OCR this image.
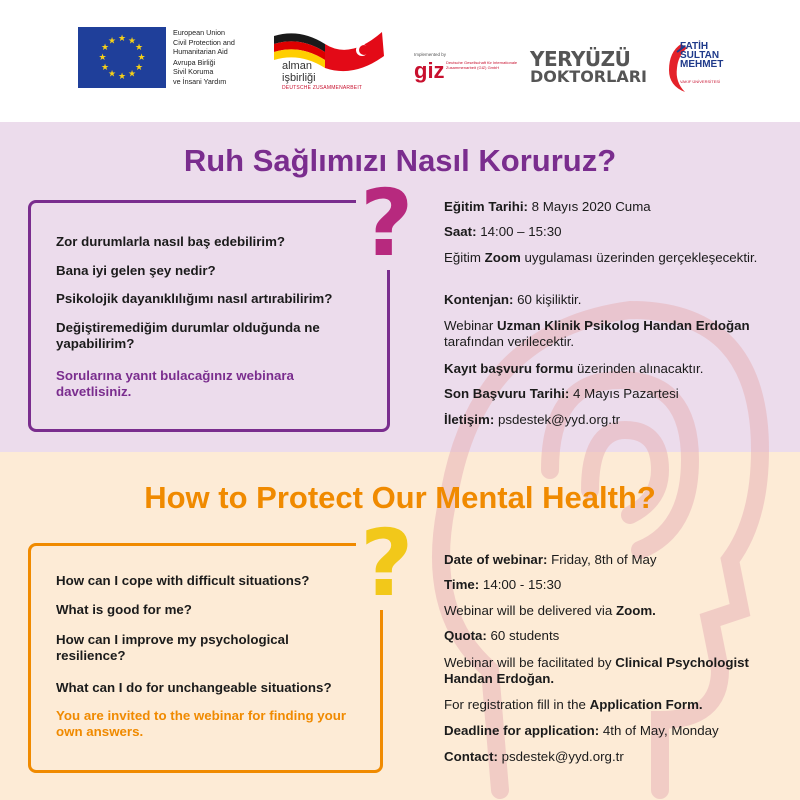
★ ★
★
★
★
★
★
★
★
★
★
★
European Union
Civil Protection and
Humanitarian Aid
Avrupa Birliği
Sivil Koruma
ve İnsani Yardım
alman
işbirliği
DEUTSCHE ZUSAMMENARBEIT
Implemented by
giz Deutsche Gesellschaft für Internationale Zusammenarbeit (GIZ) GmbH	YERYÜZÜ
DOKTORLARI
FATİH
SULTAN
MEHMET
VAKIF ÜNİVERSİTESİ
Ruh Sağlımızı Nasıl Koruruz?
?
Zor durumlarla nasıl baş edebilirim?
Bana iyi gelen şey nedir?
Psikolojik dayanıklılığımı nasıl artırabilirim?
Değiştiremediğim durumlar olduğunda ne yapabilirim?
Sorularına yanıt bulacağınız webinara davetlisiniz.
Eğitim Tarihi: 8 Mayıs 2020 Cuma
Saat: 14:00 – 15:30
Eğitim Zoom uygulaması üzerinden gerçekleşecektir.
Kontenjan: 60 kişiliktir.
Webinar Uzman Klinik Psikolog Handan Erdoğan tarafından verilecektir.
Kayıt başvuru formu üzerinden alınacaktır.
Son Başvuru Tarihi: 4 Mayıs Pazartesi
İletişim: psdestek@yyd.org.tr
How to Protect Our Mental Health?
?
How can I cope with difficult situations?
What is good for me?
How can I improve my psychological resilience?
What can I do for unchangeable situations?
You are invited to the webinar for finding your own answers.
Date of webinar: Friday, 8th of May
Time: 14:00 - 15:30
Webinar will be delivered via Zoom.
Quota: 60 students
Webinar will be facilitated by Clinical Psychologist Handan Erdoğan.
For registration fill in the Application Form.
Deadline for application: 4th of May, Monday
Contact: psdestek@yyd.org.tr
